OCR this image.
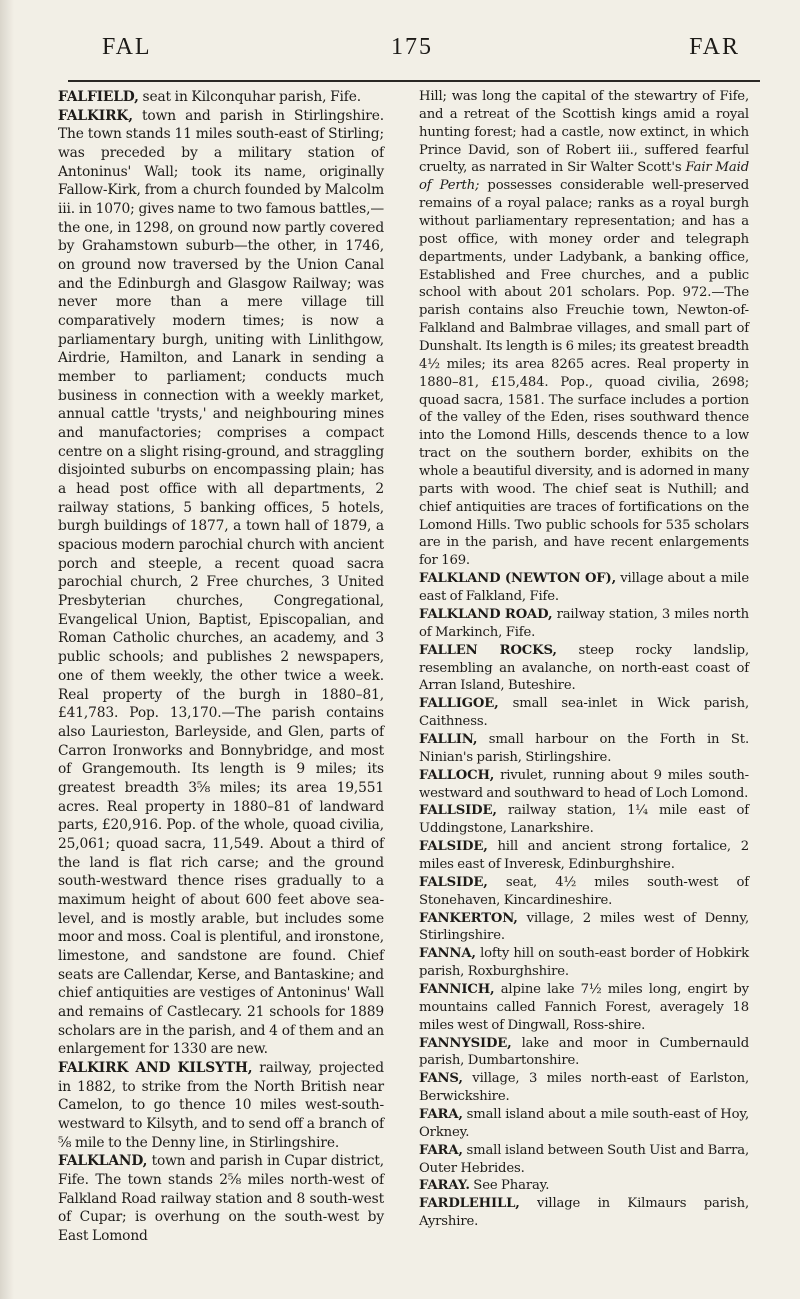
FAL	175	FAR

FALFIELD, seat in Kilconquhar parish, Fife.

FALKIRK, town and parish in Stirlingshire. The town stands 11 miles south-east of Stirling; was preceded by a military station of Antoninus' Wall; took its name, originally Fallow-Kirk, from a church founded by Malcolm iii. in 1070; gives name to two famous battles,—the one, in 1298, on ground now partly covered by Grahamstown suburb—the other, in 1746, on ground now traversed by the Union Canal and the Edinburgh and Glasgow Railway; was never more than a mere village till comparatively modern times; is now a parliamentary burgh, uniting with Linlithgow, Airdrie, Hamilton, and Lanark in sending a member to parliament; conducts much business in connection with a weekly market, annual cattle 'trysts,' and neighbouring mines and manufactories; comprises a compact centre on a slight rising-ground, and straggling disjointed suburbs on encompassing plain; has a head post office with all departments, 2 railway stations, 5 banking offices, 5 hotels, burgh buildings of 1877, a town hall of 1879, a spacious modern parochial church with ancient porch and steeple, a recent quoad sacra parochial church, 2 Free churches, 3 United Presbyterian churches, Congregational, Evangelical Union, Baptist, Episcopalian, and Roman Catholic churches, an academy, and 3 public schools; and publishes 2 newspapers, one of them weekly, the other twice a week. Real property of the burgh in 1880–81, £41,783. Pop. 13,170.—The parish contains also Laurieston, Barleyside, and Glen, parts of Carron Ironworks and Bonnybridge, and most of Grangemouth. Its length is 9 miles; its greatest breadth 3⅝ miles; its area 19,551 acres. Real property in 1880–81 of landward parts, £20,916. Pop. of the whole, quoad civilia, 25,061; quoad sacra, 11,549. About a third of the land is flat rich carse; and the ground south-westward thence rises gradually to a maximum height of about 600 feet above sea-level, and is mostly arable, but includes some moor and moss. Coal is plentiful, and ironstone, limestone, and sandstone are found. Chief seats are Callendar, Kerse, and Bantaskine; and chief antiquities are vestiges of Antoninus' Wall and remains of Castlecary. 21 schools for 1889 scholars are in the parish, and 4 of them and an enlargement for 1330 are new.

FALKIRK AND KILSYTH, railway, projected in 1882, to strike from the North British near Camelon, to go thence 10 miles west-south-westward to Kilsyth, and to send off a branch of ⅝ mile to the Denny line, in Stirlingshire.

FALKLAND, town and parish in Cupar district, Fife. The town stands 2⅝ miles north-west of Falkland Road railway station and 8 south-west of Cupar; is overhung on the south-west by East Lomond

Hill; was long the capital of the stewartry of Fife, and a retreat of the Scottish kings amid a royal hunting forest; had a castle, now extinct, in which Prince David, son of Robert iii., suffered fearful cruelty, as narrated in Sir Walter Scott's Fair Maid of Perth; possesses considerable well-preserved remains of a royal palace; ranks as a royal burgh without parliamentary representation; and has a post office, with money order and telegraph departments, under Ladybank, a banking office, Established and Free churches, and a public school with about 201 scholars. Pop. 972.—The parish contains also Freuchie town, Newton-of-Falkland and Balmbrae villages, and small part of Dunshalt. Its length is 6 miles; its greatest breadth 4½ miles; its area 8265 acres. Real property in 1880–81, £15,484. Pop., quoad civilia, 2698; quoad sacra, 1581. The surface includes a portion of the valley of the Eden, rises southward thence into the Lomond Hills, descends thence to a low tract on the southern border, exhibits on the whole a beautiful diversity, and is adorned in many parts with wood. The chief seat is Nuthill; and chief antiquities are traces of fortifications on the Lomond Hills. Two public schools for 535 scholars are in the parish, and have recent enlargements for 169.

FALKLAND (NEWTON OF), village about a mile east of Falkland, Fife.

FALKLAND ROAD, railway station, 3 miles north of Markinch, Fife.

FALLEN ROCKS, steep rocky landslip, resembling an avalanche, on north-east coast of Arran Island, Buteshire.

FALLIGOE, small sea-inlet in Wick parish, Caithness.

FALLIN, small harbour on the Forth in St. Ninian's parish, Stirlingshire.

FALLOCH, rivulet, running about 9 miles south-westward and southward to head of Loch Lomond.

FALLSIDE, railway station, 1¼ mile east of Uddingstone, Lanarkshire.

FALSIDE, hill and ancient strong fortalice, 2 miles east of Inveresk, Edinburghshire.

FALSIDE, seat, 4½ miles south-west of Stonehaven, Kincardineshire.

FANKERTON, village, 2 miles west of Denny, Stirlingshire.

FANNA, lofty hill on south-east border of Hobkirk parish, Roxburghshire.

FANNICH, alpine lake 7½ miles long, engirt by mountains called Fannich Forest, averagely 18 miles west of Dingwall, Ross-shire.

FANNYSIDE, lake and moor in Cumbernauld parish, Dumbartonshire.

FANS, village, 3 miles north-east of Earlston, Berwickshire.

FARA, small island about a mile south-east of Hoy, Orkney.

FARA, small island between South Uist and Barra, Outer Hebrides.

FARAY. See Pharay.

FARDLEHILL, village in Kilmaurs parish, Ayrshire.
